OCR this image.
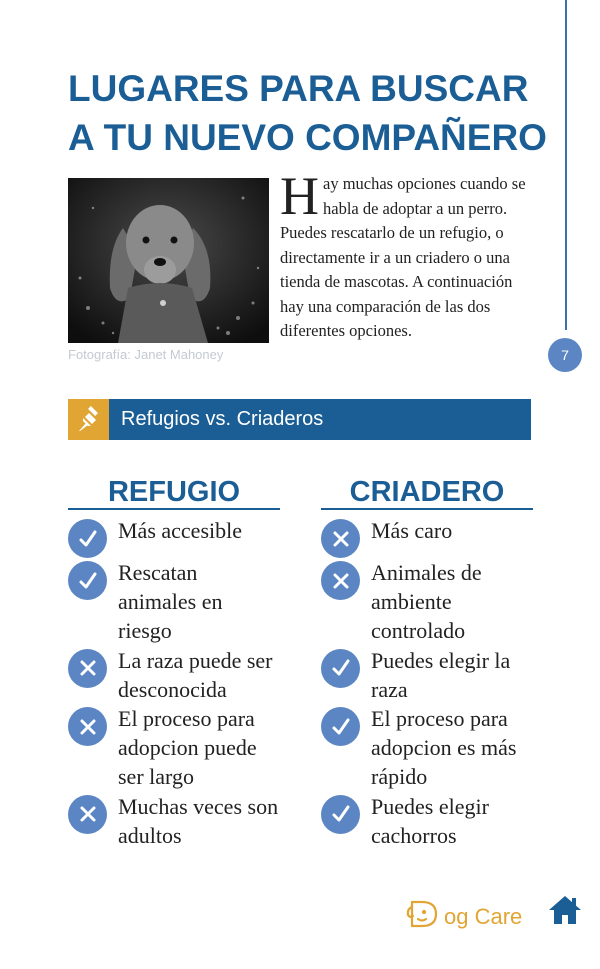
7
LUGARES PARA BUSCAR
A TU NUEVO COMPAÑERO
Fotografía: Janet Mahoney

Hay muchas opciones cuando se habla de adoptar a un perro. Puedes rescatarlo de un refugio, o directamente ir a un criadero o una tienda de mascotas. A continuación hay una comparación de las dos diferentes opciones.

Refugios vs. Criaderos
REFUGIO
Más accesible
Rescatan animales en riesgo
La raza puede ser desconocida
El proceso para adopcion puede ser largo
Muchas veces son adultos
CRIADERO
Más caro
Animales de ambiente controlado
Puedes elegir la raza
El proceso para adopcion es más rápido
Puedes elegir cachorros
og Care
